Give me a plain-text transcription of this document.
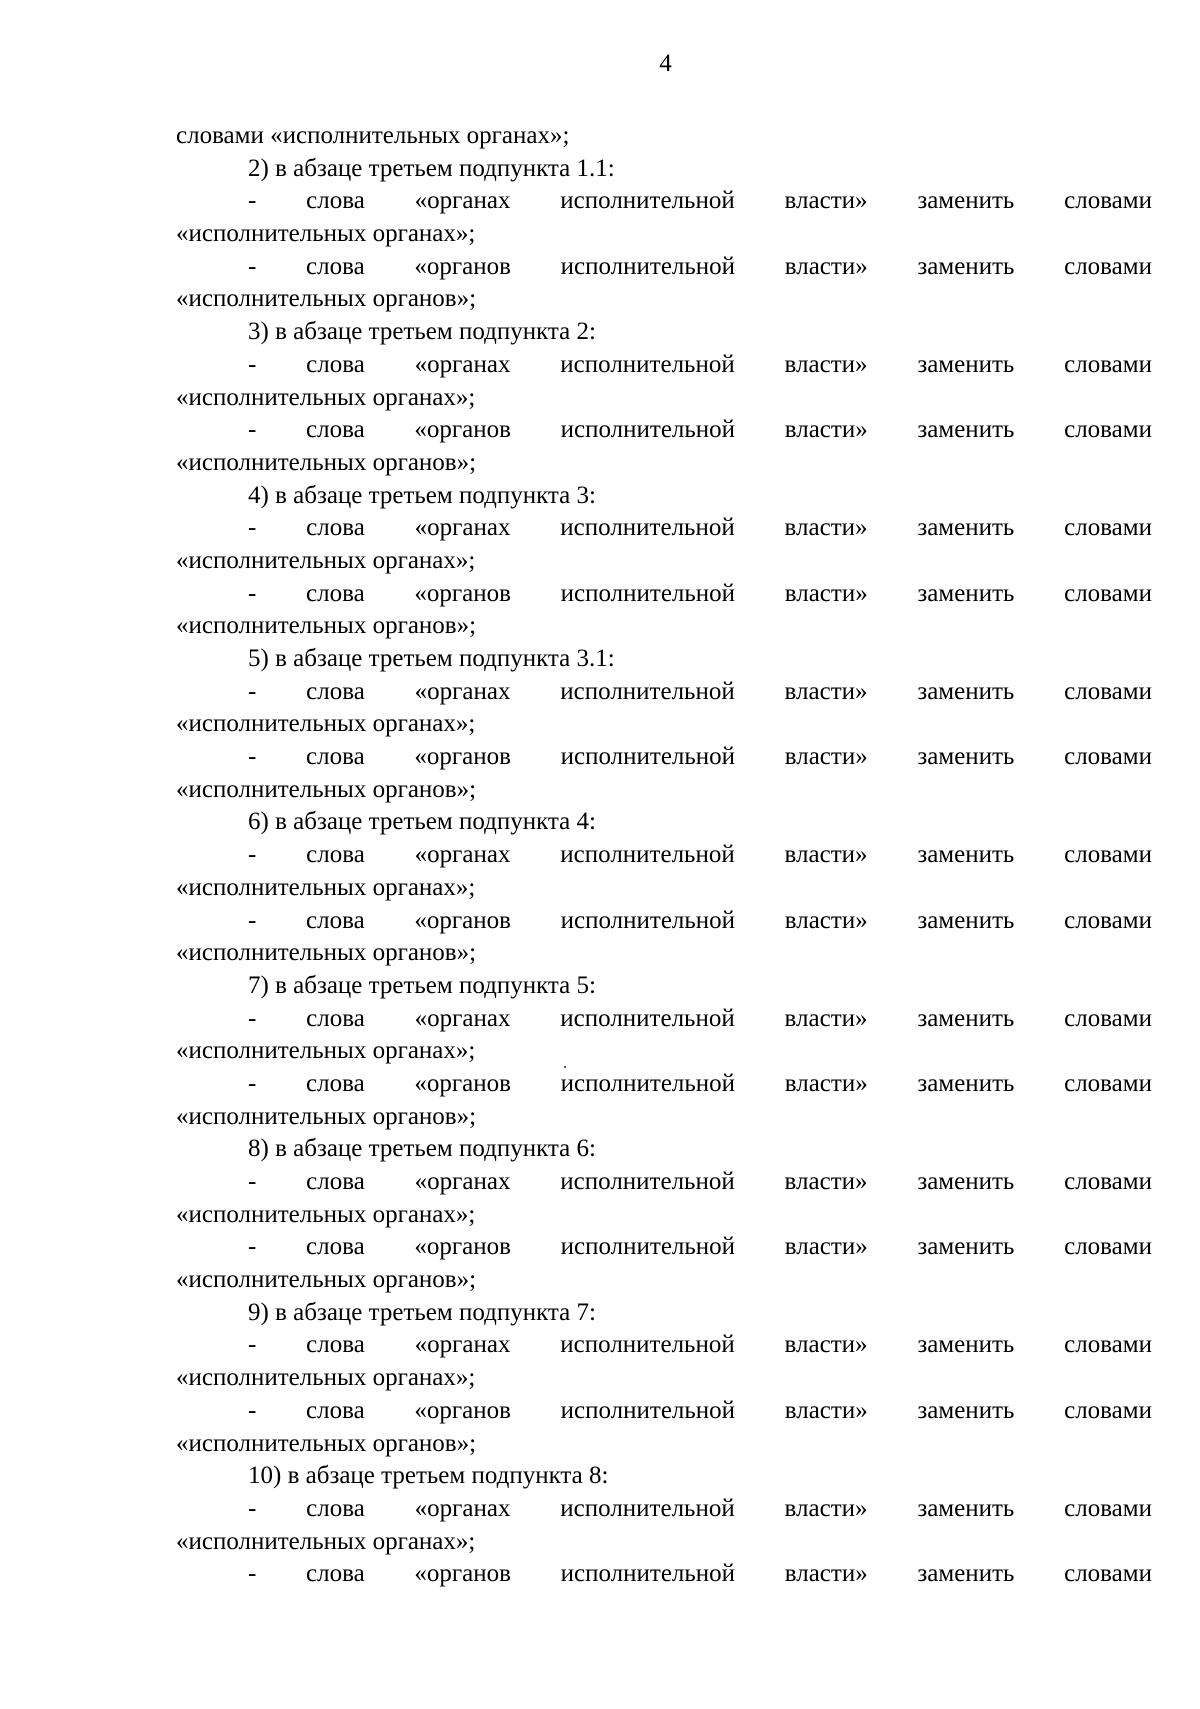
4
словами «исполнительных органах»;
2) в абзаце третьем подпункта 1.1:
- слова «органах исполнительной власти» заменить словами
«исполнительных органах»;
- слова «органов исполнительной власти» заменить словами
«исполнительных органов»;
3) в абзаце третьем подпункта 2:
- слова «органах исполнительной власти» заменить словами
«исполнительных органах»;
- слова «органов исполнительной власти» заменить словами
«исполнительных органов»;
4) в абзаце третьем подпункта 3:
- слова «органах исполнительной власти» заменить словами
«исполнительных органах»;
- слова «органов исполнительной власти» заменить словами
«исполнительных органов»;
5) в абзаце третьем подпункта 3.1:
- слова «органах исполнительной власти» заменить словами
«исполнительных органах»;
- слова «органов исполнительной власти» заменить словами
«исполнительных органов»;
6) в абзаце третьем подпункта 4:
- слова «органах исполнительной власти» заменить словами
«исполнительных органах»;
- слова «органов исполнительной власти» заменить словами
«исполнительных органов»;
7) в абзаце третьем подпункта 5:
- слова «органах исполнительной власти» заменить словами
«исполнительных органах»;
- слова «органов исполнительной власти» заменить словами
«исполнительных органов»;
8) в абзаце третьем подпункта 6:
- слова «органах исполнительной власти» заменить словами
«исполнительных органах»;
- слова «органов исполнительной власти» заменить словами
«исполнительных органов»;
9) в абзаце третьем подпункта 7:
- слова «органах исполнительной власти» заменить словами
«исполнительных органах»;
- слова «органов исполнительной власти» заменить словами
«исполнительных органов»;
10) в абзаце третьем подпункта 8:
- слова «органах исполнительной власти» заменить словами
«исполнительных органах»;
- слова «органов исполнительной власти» заменить словами
